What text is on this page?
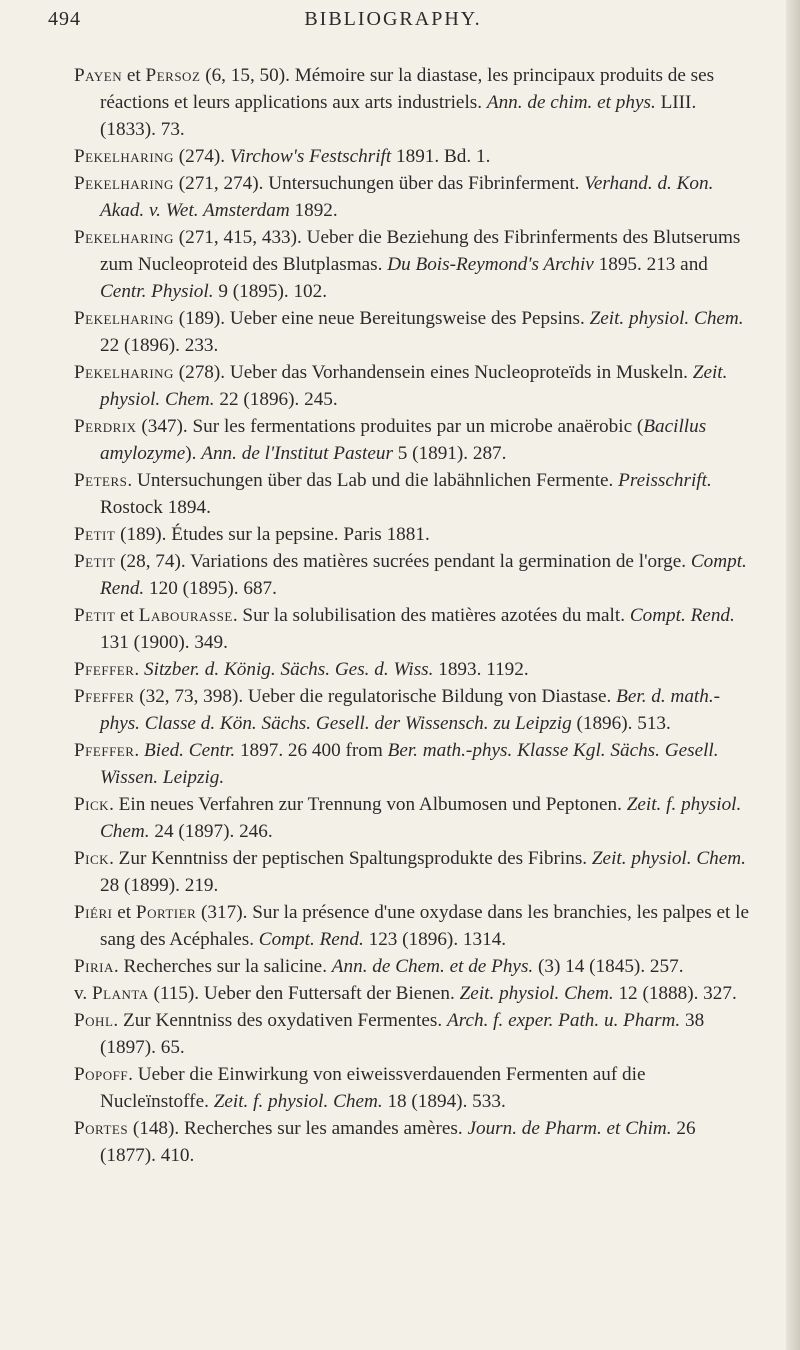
494	BIBLIOGRAPHY.

Payen et Persoz (6, 15, 50). Mémoire sur la diastase, les principaux produits de ses réactions et leurs applications aux arts industriels. Ann. de chim. et phys. LIII. (1833). 73.

Pekelharing (274). Virchow's Festschrift 1891. Bd. 1.

Pekelharing (271, 274). Untersuchungen über das Fibrinferment. Verhand. d. Kon. Akad. v. Wet. Amsterdam 1892.

Pekelharing (271, 415, 433). Ueber die Beziehung des Fibrinferments des Blutserums zum Nucleoproteid des Blutplasmas. Du Bois-Reymond's Archiv 1895. 213 and Centr. Physiol. 9 (1895). 102.

Pekelharing (189). Ueber eine neue Bereitungsweise des Pepsins. Zeit. physiol. Chem. 22 (1896). 233.

Pekelharing (278). Ueber das Vorhandensein eines Nucleoproteïds in Muskeln. Zeit. physiol. Chem. 22 (1896). 245.

Perdrix (347). Sur les fermentations produites par un microbe anaërobic (Bacillus amylozyme). Ann. de l'Institut Pasteur 5 (1891). 287.

Peters. Untersuchungen über das Lab und die labähnlichen Fermente. Preisschrift. Rostock 1894.

Petit (189). Études sur la pepsine. Paris 1881.

Petit (28, 74). Variations des matières sucrées pendant la germination de l'orge. Compt. Rend. 120 (1895). 687.

Petit et Labourasse. Sur la solubilisation des matières azotées du malt. Compt. Rend. 131 (1900). 349.

Pfeffer. Sitzber. d. König. Sächs. Ges. d. Wiss. 1893. 1192.

Pfeffer (32, 73, 398). Ueber die regulatorische Bildung von Diastase. Ber. d. math.-phys. Classe d. Kön. Sächs. Gesell. der Wissensch. zu Leipzig (1896). 513.

Pfeffer. Bied. Centr. 1897. 26 400 from Ber. math.-phys. Klasse Kgl. Sächs. Gesell. Wissen. Leipzig.

Pick. Ein neues Verfahren zur Trennung von Albumosen und Peptonen. Zeit. f. physiol. Chem. 24 (1897). 246.

Pick. Zur Kenntniss der peptischen Spaltungsprodukte des Fibrins. Zeit. physiol. Chem. 28 (1899). 219.

Piéri et Portier (317). Sur la présence d'une oxydase dans les branchies, les palpes et le sang des Acéphales. Compt. Rend. 123 (1896). 1314.

Piria. Recherches sur la salicine. Ann. de Chem. et de Phys. (3) 14 (1845). 257.

v. Planta (115). Ueber den Futtersaft der Bienen. Zeit. physiol. Chem. 12 (1888). 327.

Pohl. Zur Kenntniss des oxydativen Fermentes. Arch. f. exper. Path. u. Pharm. 38 (1897). 65.

Popoff. Ueber die Einwirkung von eiweissverdauenden Fermenten auf die Nucleïnstoffe. Zeit. f. physiol. Chem. 18 (1894). 533.

Portes (148). Recherches sur les amandes amères. Journ. de Pharm. et Chim. 26 (1877). 410.
